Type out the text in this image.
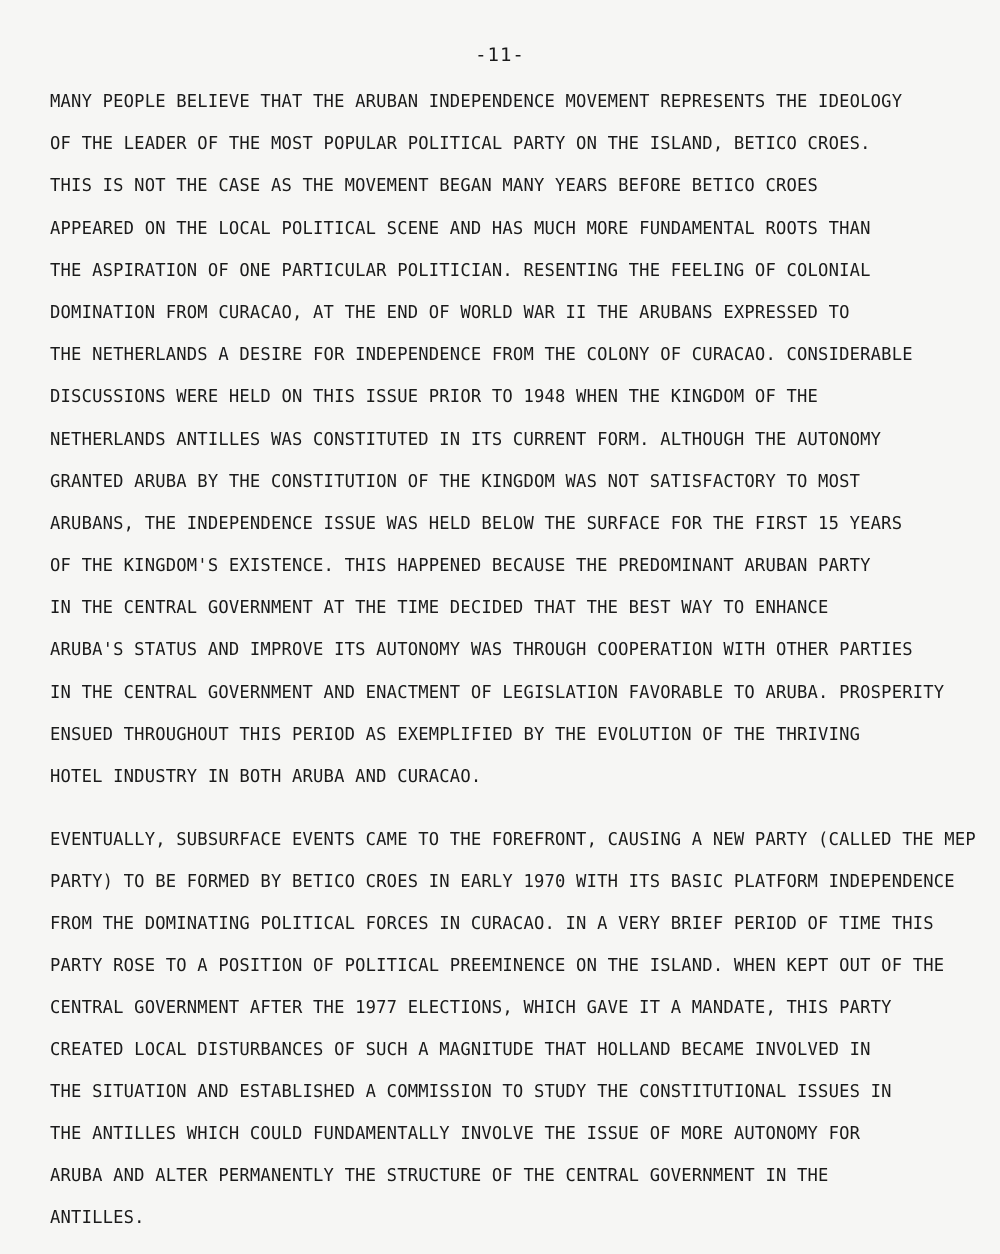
-11-
MANY PEOPLE BELIEVE THAT THE ARUBAN INDEPENDENCE MOVEMENT REPRESENTS THE IDEOLOGY
OF THE LEADER OF THE MOST POPULAR POLITICAL PARTY ON THE ISLAND, BETICO CROES.
THIS IS NOT THE CASE AS THE MOVEMENT BEGAN MANY YEARS BEFORE BETICO CROES
APPEARED ON THE LOCAL POLITICAL SCENE AND HAS MUCH MORE FUNDAMENTAL ROOTS THAN
THE ASPIRATION OF ONE PARTICULAR POLITICIAN. RESENTING THE FEELING OF COLONIAL
DOMINATION FROM CURACAO, AT THE END OF WORLD WAR II THE ARUBANS EXPRESSED TO
THE NETHERLANDS A DESIRE FOR INDEPENDENCE FROM THE COLONY OF CURACAO. CONSIDERABLE
DISCUSSIONS WERE HELD ON THIS ISSUE PRIOR TO 1948 WHEN THE KINGDOM OF THE
NETHERLANDS ANTILLES WAS CONSTITUTED IN ITS CURRENT FORM. ALTHOUGH THE AUTONOMY
GRANTED ARUBA BY THE CONSTITUTION OF THE KINGDOM WAS NOT SATISFACTORY TO MOST
ARUBANS, THE INDEPENDENCE ISSUE WAS HELD BELOW THE SURFACE FOR THE FIRST 15 YEARS
OF THE KINGDOM'S EXISTENCE. THIS HAPPENED BECAUSE THE PREDOMINANT ARUBAN PARTY
IN THE CENTRAL GOVERNMENT AT THE TIME DECIDED THAT THE BEST WAY TO ENHANCE
ARUBA'S STATUS AND IMPROVE ITS AUTONOMY WAS THROUGH COOPERATION WITH OTHER PARTIES
IN THE CENTRAL GOVERNMENT AND ENACTMENT OF LEGISLATION FAVORABLE TO ARUBA. PROSPERITY
ENSUED THROUGHOUT THIS PERIOD AS EXEMPLIFIED BY THE EVOLUTION OF THE THRIVING
HOTEL INDUSTRY IN BOTH ARUBA AND CURACAO.
EVENTUALLY, SUBSURFACE EVENTS CAME TO THE FOREFRONT, CAUSING A NEW PARTY (CALLED THE MEP
PARTY) TO BE FORMED BY BETICO CROES IN EARLY 1970 WITH ITS BASIC PLATFORM INDEPENDENCE
FROM THE DOMINATING POLITICAL FORCES IN CURACAO. IN A VERY BRIEF PERIOD OF TIME THIS
PARTY ROSE TO A POSITION OF POLITICAL PREEMINENCE ON THE ISLAND. WHEN KEPT OUT OF THE
CENTRAL GOVERNMENT AFTER THE 1977 ELECTIONS, WHICH GAVE IT A MANDATE, THIS PARTY
CREATED LOCAL DISTURBANCES OF SUCH A MAGNITUDE THAT HOLLAND BECAME INVOLVED IN
THE SITUATION AND ESTABLISHED A COMMISSION TO STUDY THE CONSTITUTIONAL ISSUES IN
THE ANTILLES WHICH COULD FUNDAMENTALLY INVOLVE THE ISSUE OF MORE AUTONOMY FOR
ARUBA AND ALTER PERMANENTLY THE STRUCTURE OF THE CENTRAL GOVERNMENT IN THE
ANTILLES.
